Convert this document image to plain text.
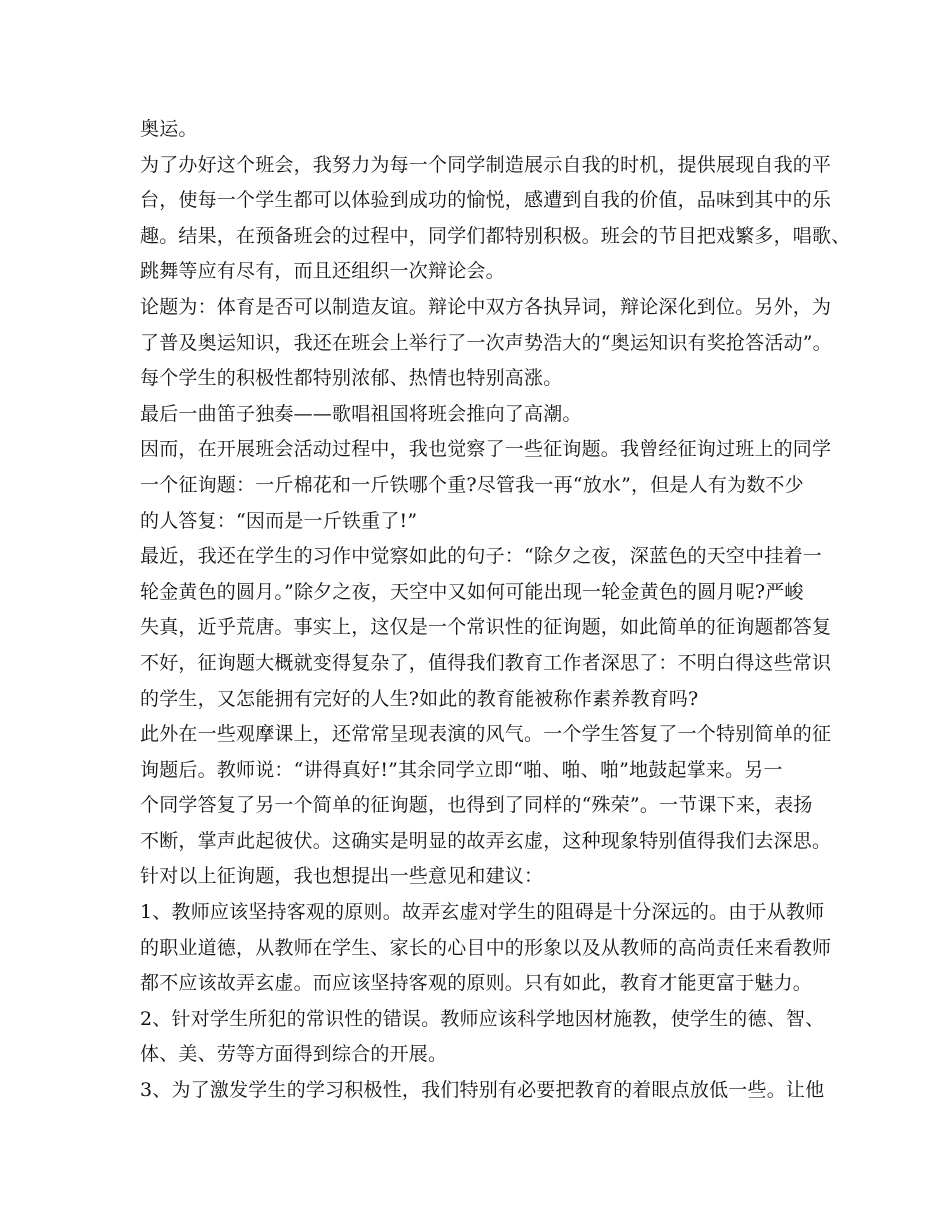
奥运。
为了办好这个班会，我努力为每一个同学制造展示自我的时机，提供展现自我的平
台，使每一个学生都可以体验到成功的愉悦，感遭到自我的价值，品味到其中的乐
趣。结果，在预备班会的过程中，同学们都特别积极。班会的节目把戏繁多，唱歌、
跳舞等应有尽有，而且还组织一次辩论会。
论题为：体育是否可以制造友谊。辩论中双方各执异词，辩论深化到位。另外，为
了普及奥运知识，我还在班会上举行了一次声势浩大的“奥运知识有奖抢答活动”。
每个学生的积极性都特别浓郁、热情也特别高涨。
最后一曲笛子独奏——歌唱祖国将班会推向了高潮。
因而，在开展班会活动过程中，我也觉察了一些征询题。我曾经征询过班上的同学
一个征询题：一斤棉花和一斤铁哪个重?尽管我一再“放水”，但是人有为数不少
的人答复：“因而是一斤铁重了!”
最近，我还在学生的习作中觉察如此的句子：“除夕之夜，深蓝色的天空中挂着一
轮金黄色的圆月。”除夕之夜，天空中又如何可能出现一轮金黄色的圆月呢?严峻
失真，近乎荒唐。事实上，这仅是一个常识性的征询题，如此简单的征询题都答复
不好，征询题大概就变得复杂了，值得我们教育工作者深思了：不明白得这些常识
的学生，又怎能拥有完好的人生?如此的教育能被称作素养教育吗?
此外在一些观摩课上，还常常呈现表演的风气。一个学生答复了一个特别简单的征
询题后。教师说：“讲得真好!”其余同学立即“啪、啪、啪”地鼓起掌来。另一
个同学答复了另一个简单的征询题，也得到了同样的“殊荣”。一节课下来，表扬
不断，掌声此起彼伏。这确实是明显的故弄玄虚，这种现象特别值得我们去深思。
针对以上征询题，我也想提出一些意见和建议：
1、教师应该坚持客观的原则。故弄玄虚对学生的阻碍是十分深远的。由于从教师
的职业道德，从教师在学生、家长的心目中的形象以及从教师的高尚责任来看教师
都不应该故弄玄虚。而应该坚持客观的原则。只有如此，教育才能更富于魅力。
2、针对学生所犯的常识性的错误。教师应该科学地因材施教，使学生的德、智、
体、美、劳等方面得到综合的开展。
3、为了激发学生的学习积极性，我们特别有必要把教育的着眼点放低一些。让他
